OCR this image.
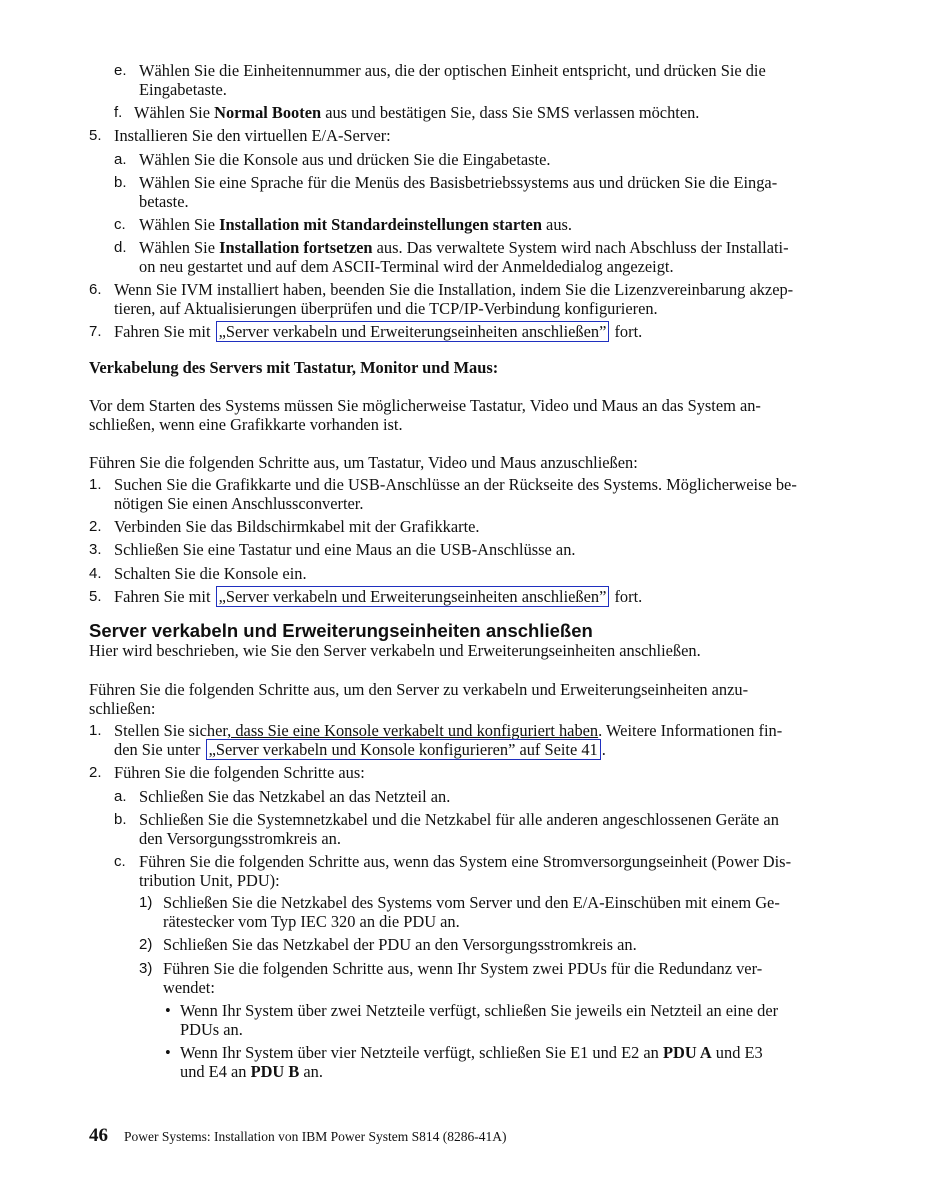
e. Wählen Sie die Einheitennummer aus, die der optischen Einheit entspricht, und drücken Sie die
Eingabetaste.
f. Wählen Sie Normal Booten aus und bestätigen Sie, dass Sie SMS verlassen möchten.
5. Installieren Sie den virtuellen E/A-Server:
a. Wählen Sie die Konsole aus und drücken Sie die Eingabetaste.
b. Wählen Sie eine Sprache für die Menüs des Basisbetriebssystems aus und drücken Sie die Einga-
betaste.
c. Wählen Sie Installation mit Standardeinstellungen starten aus.
d. Wählen Sie Installation fortsetzen aus. Das verwaltete System wird nach Abschluss der Installati-
on neu gestartet und auf dem ASCII-Terminal wird der Anmeldedialog angezeigt.
6. Wenn Sie IVM installiert haben, beenden Sie die Installation, indem Sie die Lizenzvereinbarung akzep-
tieren, auf Aktualisierungen überprüfen und die TCP/IP-Verbindung konfigurieren.
7. Fahren Sie mit „Server verkabeln und Erweiterungseinheiten anschließen” fort.
Verkabelung des Servers mit Tastatur, Monitor und Maus:
Vor dem Starten des Systems müssen Sie möglicherweise Tastatur, Video und Maus an das System an-
schließen, wenn eine Grafikkarte vorhanden ist.
Führen Sie die folgenden Schritte aus, um Tastatur, Video und Maus anzuschließen:
1. Suchen Sie die Grafikkarte und die USB-Anschlüsse an der Rückseite des Systems. Möglicherweise be-
nötigen Sie einen Anschlussconverter.
2. Verbinden Sie das Bildschirmkabel mit der Grafikkarte.
3. Schließen Sie eine Tastatur und eine Maus an die USB-Anschlüsse an.
4. Schalten Sie die Konsole ein.
5. Fahren Sie mit „Server verkabeln und Erweiterungseinheiten anschließen” fort.
Server verkabeln und Erweiterungseinheiten anschließen
Hier wird beschrieben, wie Sie den Server verkabeln und Erweiterungseinheiten anschließen.
Führen Sie die folgenden Schritte aus, um den Server zu verkabeln und Erweiterungseinheiten anzu-
schließen:
1. Stellen Sie sicher, dass Sie eine Konsole verkabelt und konfiguriert haben. Weitere Informationen fin-
den Sie unter „Server verkabeln und Konsole konfigurieren” auf Seite 41 .
2. Führen Sie die folgenden Schritte aus:
a. Schließen Sie das Netzkabel an das Netzteil an.
b. Schließen Sie die Systemnetzkabel und die Netzkabel für alle anderen angeschlossenen Geräte an
den Versorgungsstromkreis an.
c. Führen Sie die folgenden Schritte aus, wenn das System eine Stromversorgungseinheit (Power Dis-
tribution Unit, PDU):
1) Schließen Sie die Netzkabel des Systems vom Server und den E/A-Einschüben mit einem Ge-
rätestecker vom Typ IEC 320 an die PDU an.
2) Schließen Sie das Netzkabel der PDU an den Versorgungsstromkreis an.
3) Führen Sie die folgenden Schritte aus, wenn Ihr System zwei PDUs für die Redundanz ver-
wendet:
• Wenn Ihr System über zwei Netzteile verfügt, schließen Sie jeweils ein Netzteil an eine der
PDUs an.
• Wenn Ihr System über vier Netzteile verfügt, schließen Sie E1 und E2 an PDU A und E3
und E4 an PDU B an.
46 Power Systems: Installation von IBM Power System S814 (8286-41A)
